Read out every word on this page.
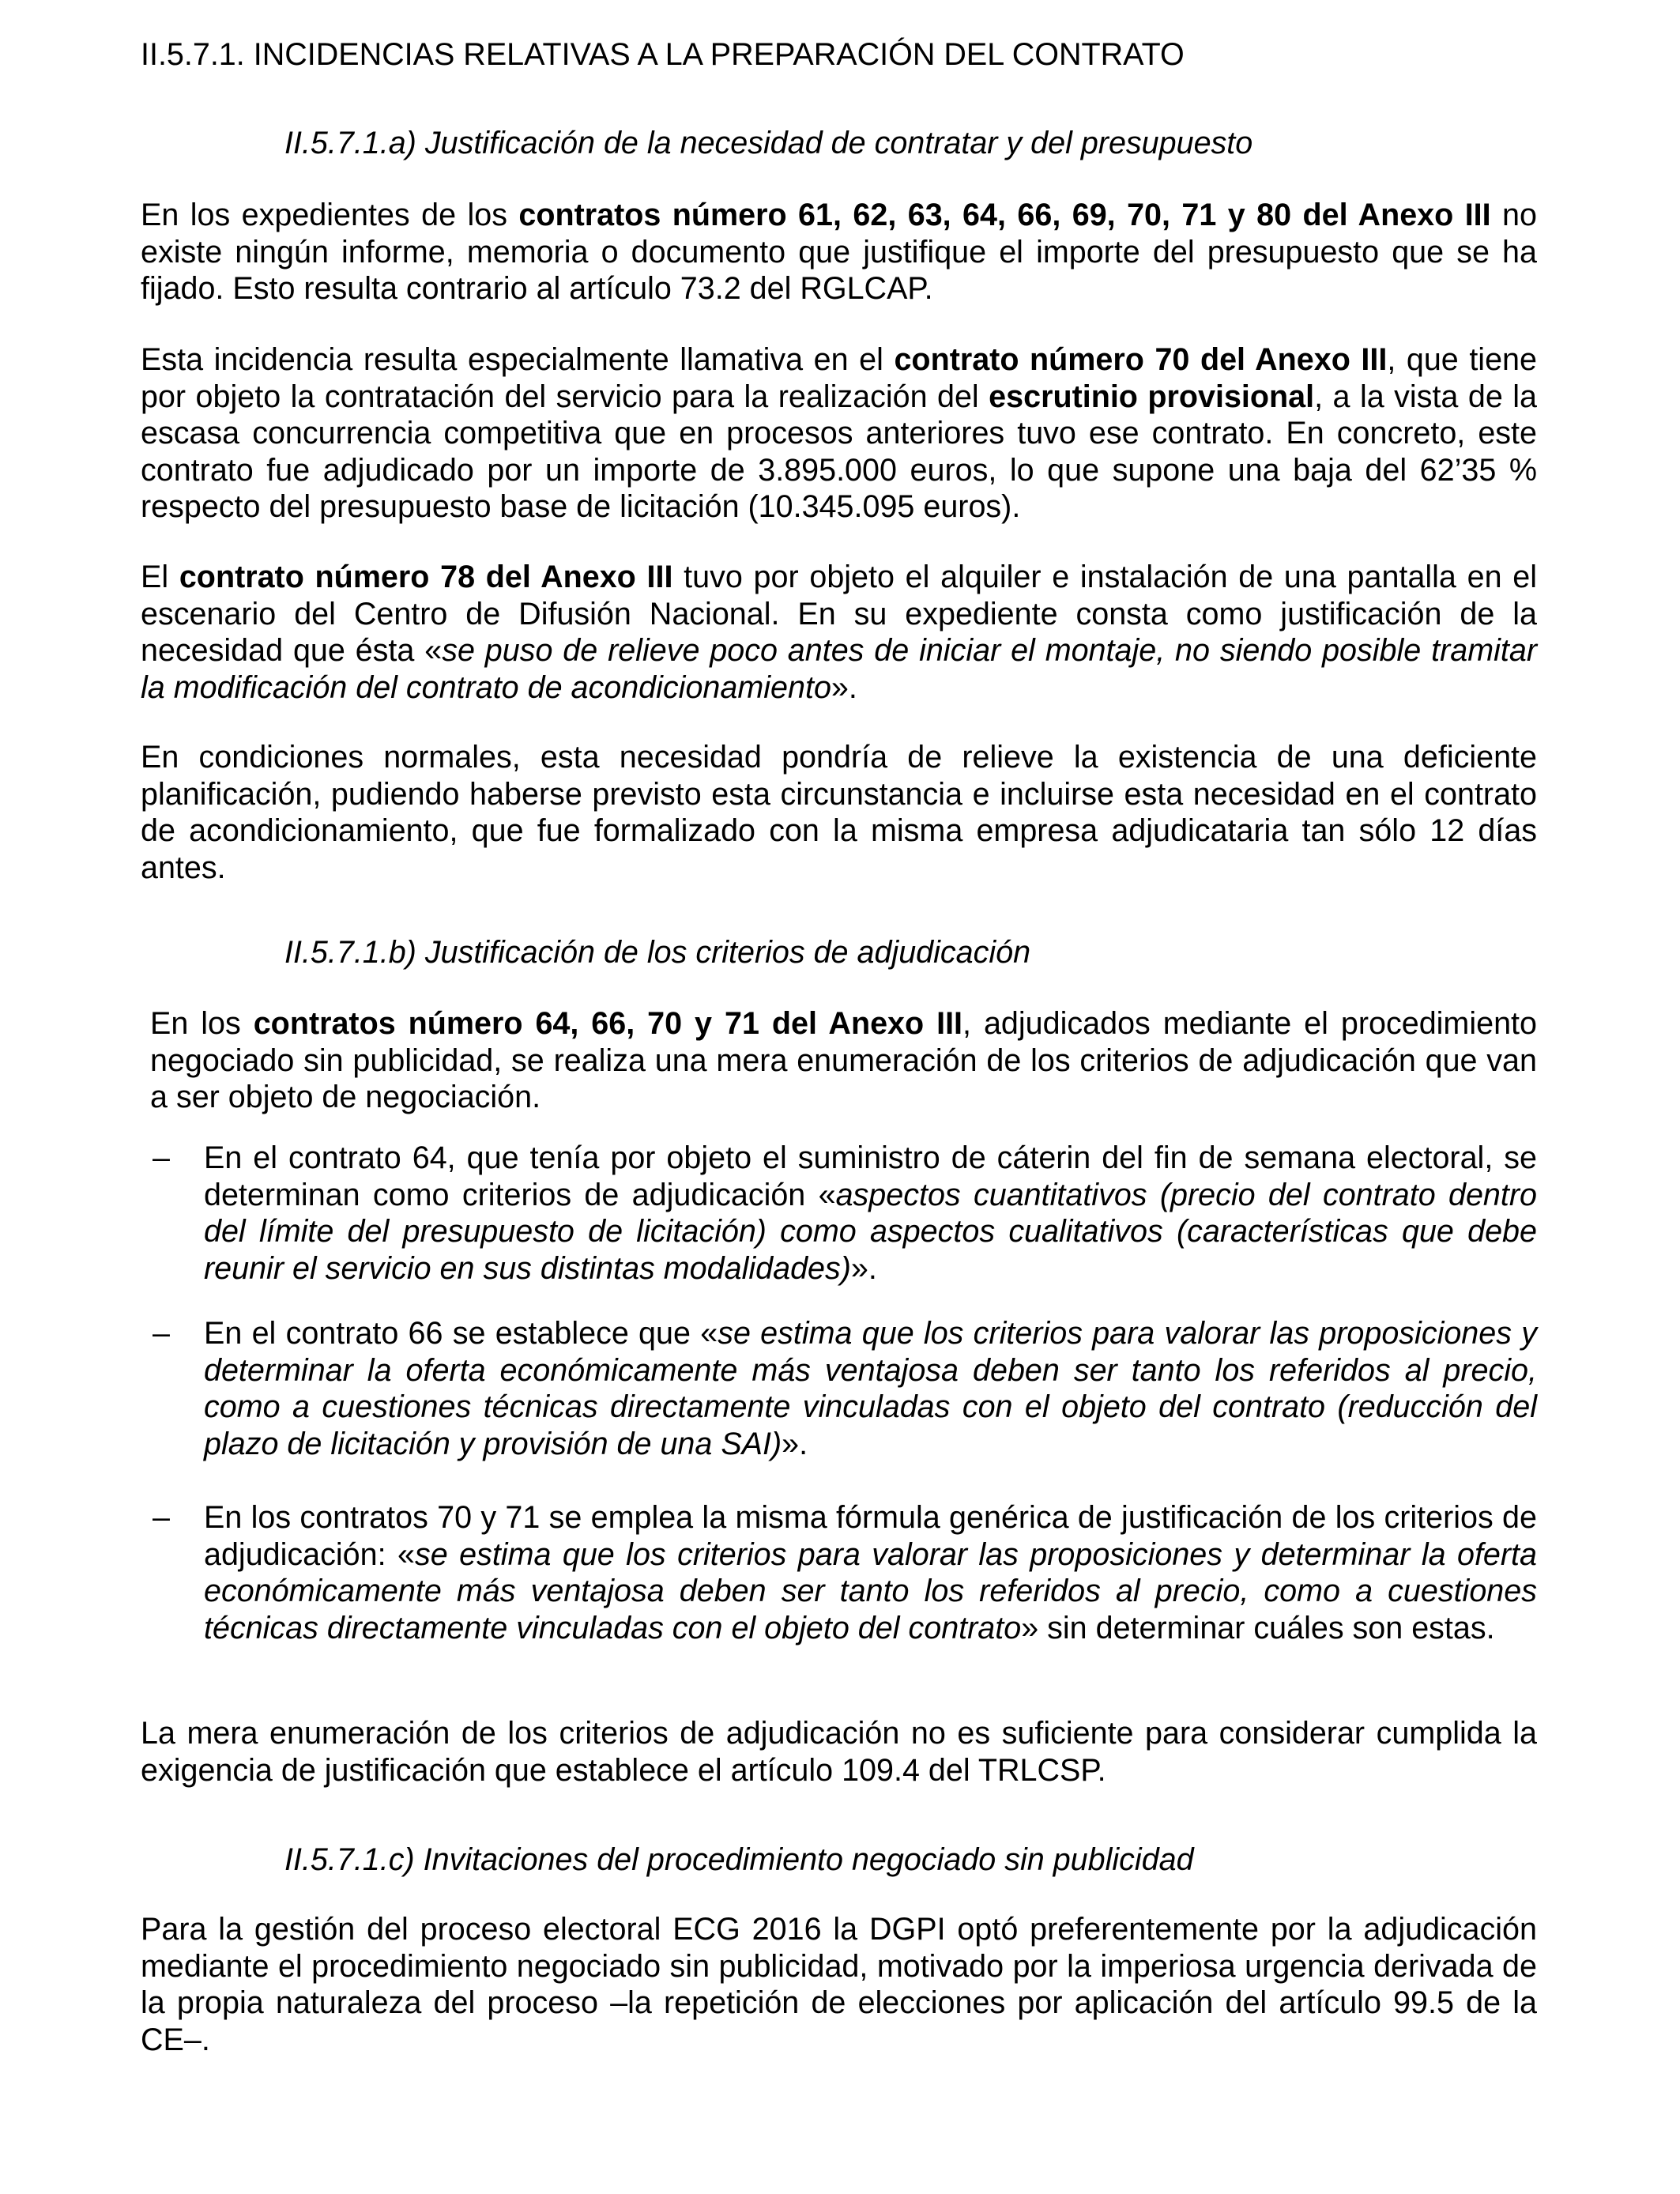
II.5.7.1. INCIDENCIAS RELATIVAS A LA PREPARACIÓN DEL CONTRATO
II.5.7.1.a) Justificación de la necesidad de contratar y del presupuesto

En los expedientes de los contratos número 61, 62, 63, 64, 66, 69, 70, 71 y 80 del Anexo III no existe ningún informe, memoria o documento que justifique el importe del presupuesto que se ha fijado. Esto resulta contrario al artículo 73.2 del RGLCAP.

Esta incidencia resulta especialmente llamativa en el contrato número 70 del Anexo III, que tiene por objeto la contratación del servicio para la realización del escrutinio provisional, a la vista de la escasa concurrencia competitiva que en procesos anteriores tuvo ese contrato. En concreto, este contrato fue adjudicado por un importe de 3.895.000 euros, lo que supone una baja del 62’35 % respecto del presupuesto base de licitación (10.345.095 euros).

El contrato número 78 del Anexo III tuvo por objeto el alquiler e instalación de una pantalla en el escenario del Centro de Difusión Nacional. En su expediente consta como justificación de la necesidad que ésta «se puso de relieve poco antes de iniciar el montaje, no siendo posible tramitar la modificación del contrato de acondicionamiento».

En condiciones normales, esta necesidad pondría de relieve la existencia de una deficiente planificación, pudiendo haberse previsto esta circunstancia e incluirse esta necesidad en el contrato de acondicionamiento, que fue formalizado con la misma empresa adjudicataria tan sólo 12 días antes.

II.5.7.1.b) Justificación de los criterios de adjudicación

En los contratos número 64, 66, 70 y 71 del Anexo III, adjudicados mediante el procedimiento negociado sin publicidad, se realiza una mera enumeración de los criterios de adjudicación que van a ser objeto de negociación.

– En el contrato 64, que tenía por objeto el suministro de cáterin del fin de semana electoral, se determinan como criterios de adjudicación «aspectos cuantitativos (precio del contrato dentro del límite del presupuesto de licitación) como aspectos cualitativos (características que debe reunir el servicio en sus distintas modalidades)».

– En el contrato 66 se establece que «se estima que los criterios para valorar las proposiciones y determinar la oferta económicamente más ventajosa deben ser tanto los referidos al precio, como a cuestiones técnicas directamente vinculadas con el objeto del contrato (reducción del plazo de licitación y provisión de una SAI)».

– En los contratos 70 y 71 se emplea la misma fórmula genérica de justificación de los criterios de adjudicación: «se estima que los criterios para valorar las proposiciones y determinar la oferta económicamente más ventajosa deben ser tanto los referidos al precio, como a cuestiones técnicas directamente vinculadas con el objeto del contrato» sin determinar cuáles son estas.

La mera enumeración de los criterios de adjudicación no es suficiente para considerar cumplida la exigencia de justificación que establece el artículo 109.4 del TRLCSP.

II.5.7.1.c) Invitaciones del procedimiento negociado sin publicidad

Para la gestión del proceso electoral ECG 2016 la DGPI optó preferentemente por la adjudicación mediante el procedimiento negociado sin publicidad, motivado por la imperiosa urgencia derivada de la propia naturaleza del proceso –la repetición de elecciones por aplicación del artículo 99.5 de la CE–.
